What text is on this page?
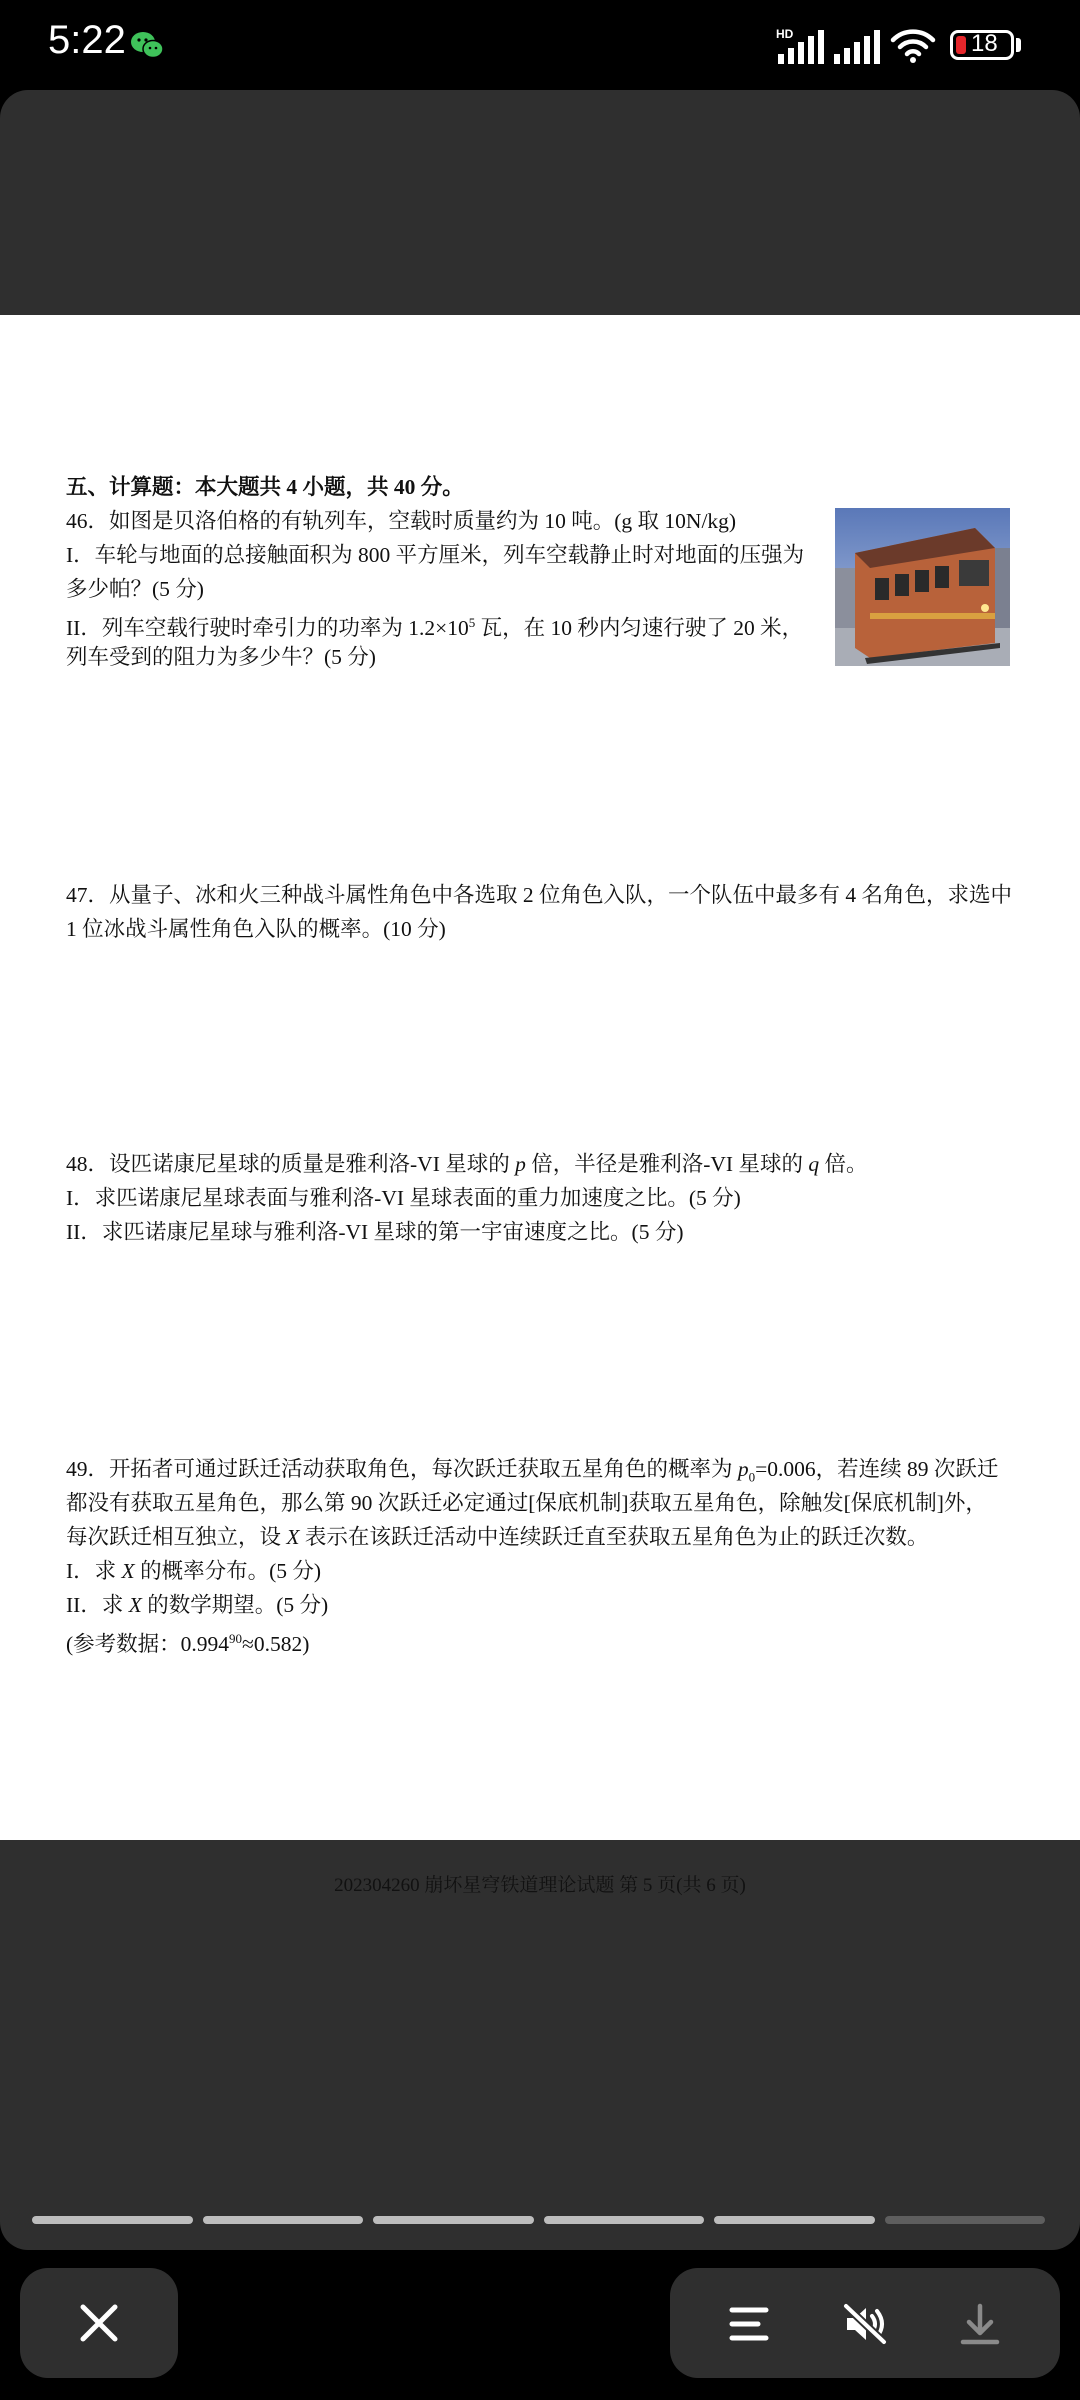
5:22	HD	18
五、计算题：本大题共 4 小题，共 40 分。
46．如图是贝洛伯格的有轨列车，空载时质量约为 10 吨。(g 取 10N/kg)
I．车轮与地面的总接触面积为 800 平方厘米，列车空载静止时对地面的压强为
多少帕？(5 分)
II．列车空载行驶时牵引力的功率为 $1.2\times 10^5$ 瓦，在 10 秒内匀速行驶了 20 米，
列车受到的阻力为多少牛？(5 分)
47．从量子、冰和火三种战斗属性角色中各选取 2 位角色入队，一个队伍中最多有 4 名角色，求选中
1 位冰战斗属性角色入队的概率。(10 分)
48．设匹诺康尼星球的质量是雅利洛-VI 星球的 p 倍，半径是雅利洛-VI 星球的 q 倍。
I．求匹诺康尼星球表面与雅利洛-VI 星球表面的重力加速度之比。(5 分)
II．求匹诺康尼星球与雅利洛-VI 星球的第一宇宙速度之比。(5 分)
49．开拓者可通过跃迁活动获取角色，每次跃迁获取五星角色的概率为 $p_0=0.006$，若连续 89 次跃迁
都没有获取五星角色，那么第 90 次跃迁必定通过[保底机制]获取五星角色，除触发[保底机制]外，
每次跃迁相互独立，设 X 表示在该跃迁活动中连续跃迁直至获取五星角色为止的跃迁次数。
I．求 X 的概率分布。(5 分)
II．求 X 的数学期望。(5 分)
(参考数据：$0.994^{90}\approx 0.582$)
202304260 崩坏星穹铁道理论试题 第 5 页(共 6 页)
